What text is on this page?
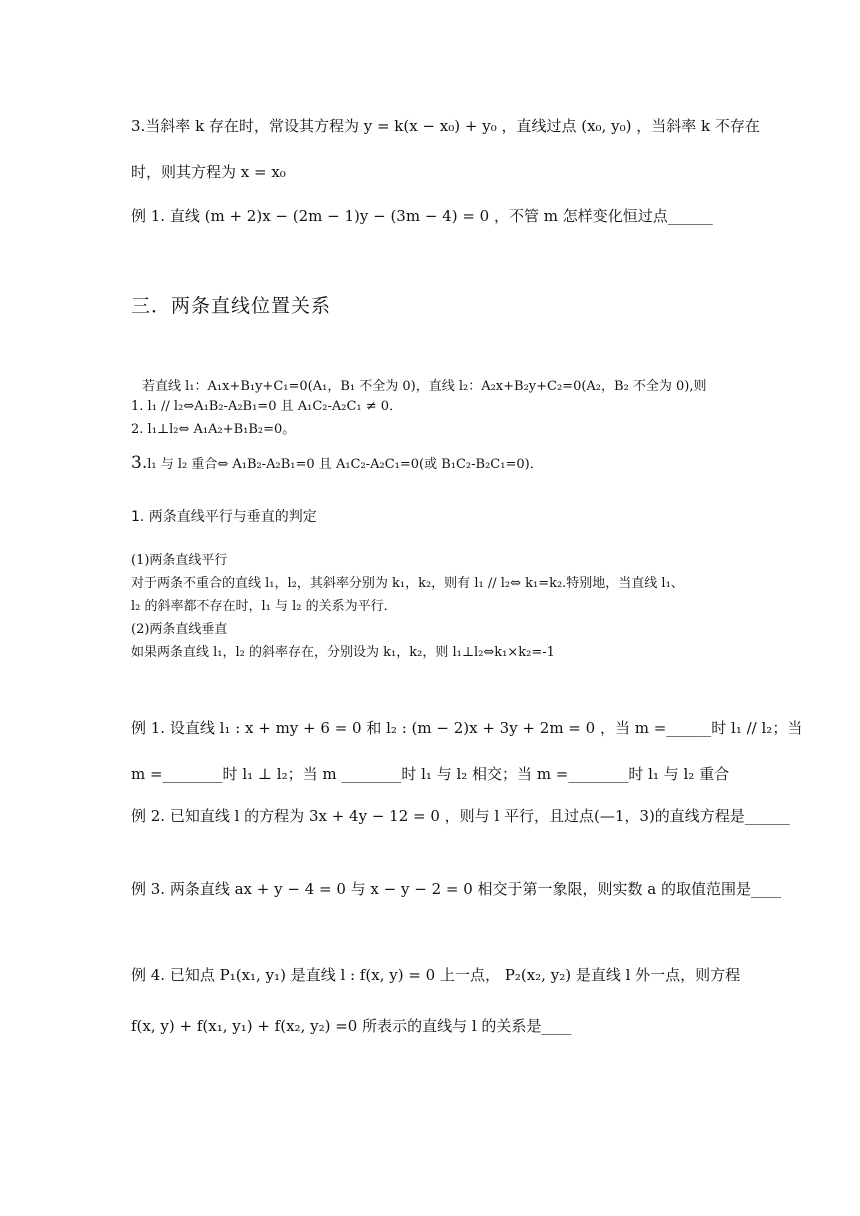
3.当斜率 k 存在时，常设其方程为 y = k(x − x₀) + y₀ ，直线过点 (x₀, y₀) ，当斜率 k 不存在
时，则其方程为 x = x₀
例 1. 直线 (m + 2)x − (2m − 1)y − (3m − 4) = 0 ，不管 m 怎样变化恒过点______
三．两条直线位置关系
若直线 l₁：A₁x+B₁y+C₁=0(A₁，B₁ 不全为 0)，直线 l₂：A₂x+B₂y+C₂=0(A₂，B₂ 不全为 0),则
1. l₁ // l₂⇔A₁B₂-A₂B₁=0 且 A₁C₂-A₂C₁ ≠ 0．
2. l₁⊥l₂⇔ A₁A₂+B₁B₂=0。
3.l₁ 与 l₂ 重合⇔ A₁B₂-A₂B₁=0 且 A₁C₂-A₂C₁=0(或 B₁C₂-B₂C₁=0)．
1. 两条直线平行与垂直的判定
(1)两条直线平行
对于两条不重合的直线 l₁，l₂，其斜率分别为 k₁，k₂，则有 l₁ // l₂⇔ k₁=k₂.特别地，当直线 l₁、
l₂ 的斜率都不存在时，l₁ 与 l₂ 的关系为平行．
(2)两条直线垂直
如果两条直线 l₁，l₂ 的斜率存在，分别设为 k₁，k₂，则 l₁⊥l₂⇔k₁×k₂=-1
例 1. 设直线 l₁ : x + my + 6 = 0 和 l₂ : (m − 2)x + 3y + 2m = 0 ，当 m =______时 l₁ // l₂；当
m =________时 l₁ ⊥ l₂；当 m ________时 l₁ 与 l₂ 相交；当 m =________时 l₁ 与 l₂ 重合
例 2. 已知直线 l 的方程为 3x + 4y − 12 = 0 ，则与 l 平行，且过点(—1，3)的直线方程是______
例 3. 两条直线 ax + y − 4 = 0 与 x − y − 2 = 0 相交于第一象限，则实数 a 的取值范围是____
例 4. 已知点 P₁(x₁, y₁) 是直线 l : f(x, y) = 0 上一点， P₂(x₂, y₂) 是直线 l 外一点，则方程
f(x, y) + f(x₁, y₁) + f(x₂, y₂) =0 所表示的直线与 l 的关系是____
